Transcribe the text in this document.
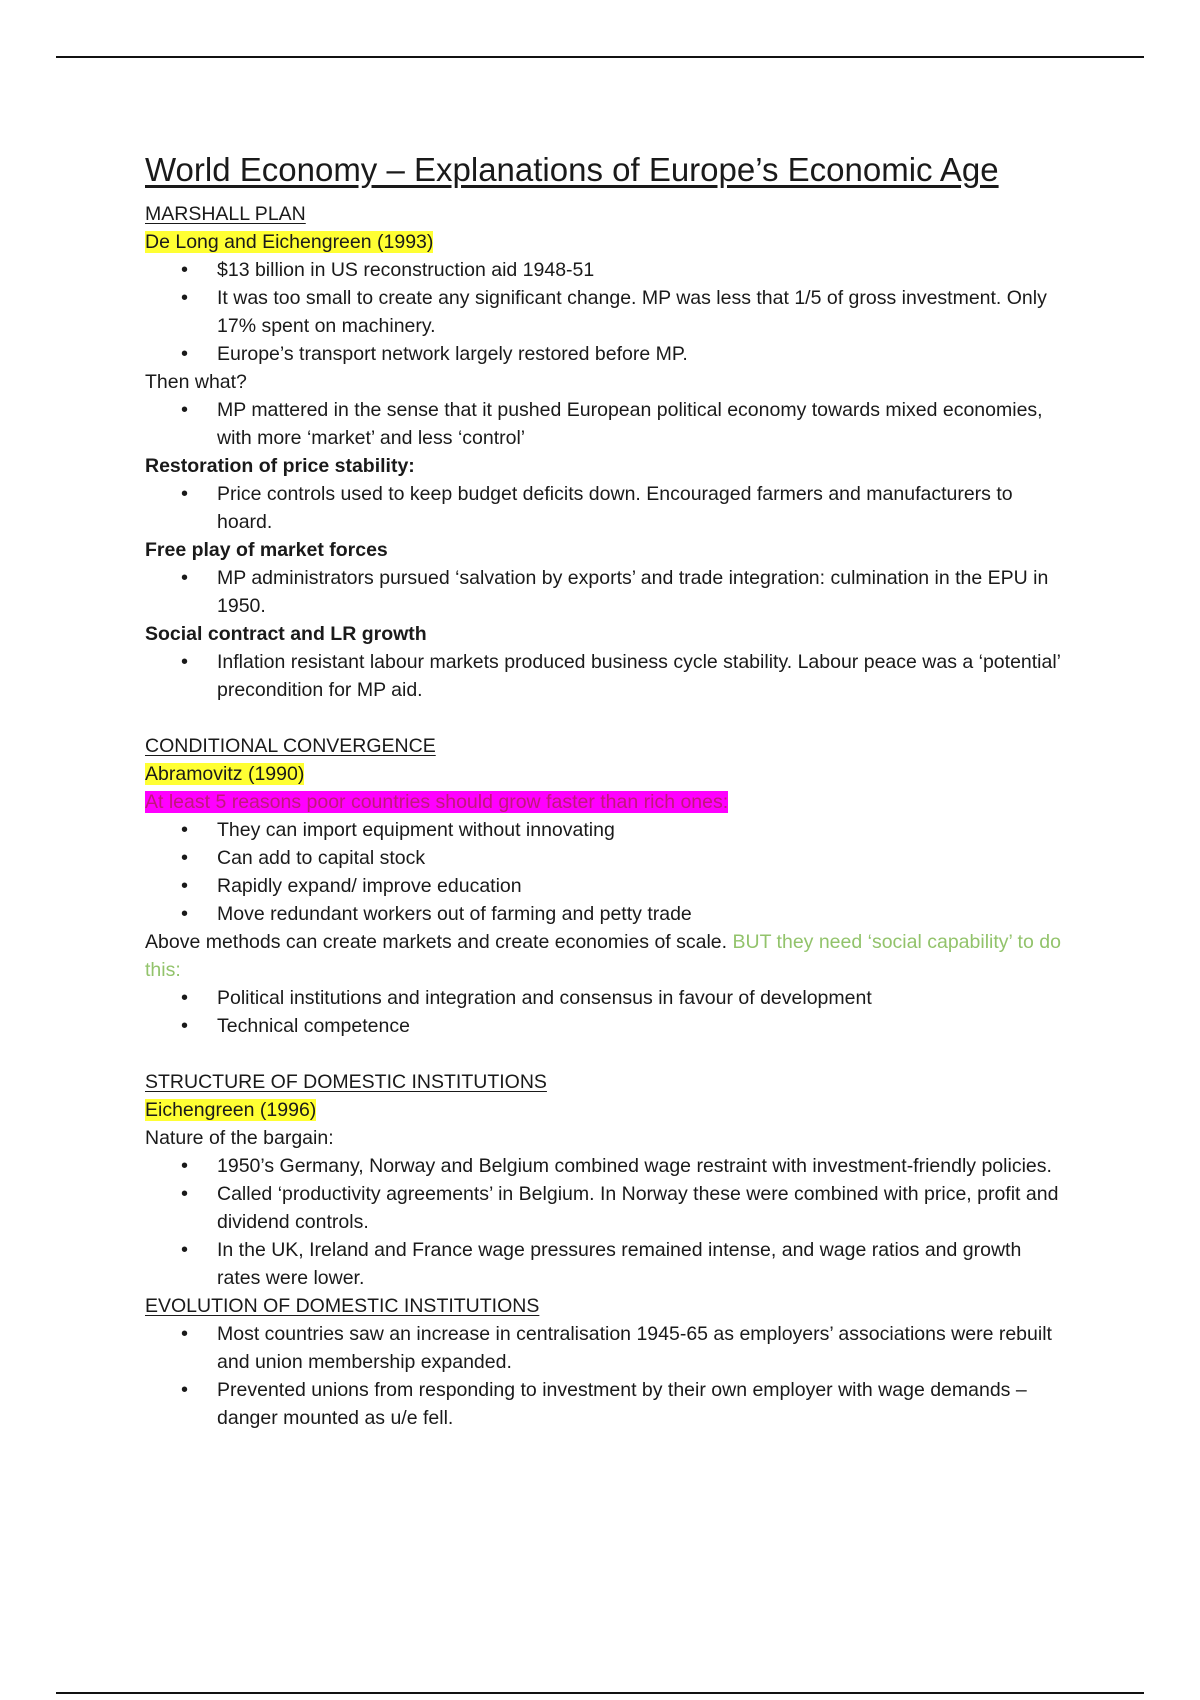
World Economy – Explanations of Europe’s Economic Age

MARSHALL PLAN

De Long and Eichengreen (1993)

• $13 billion in US reconstruction aid 1948-51
• It was too small to create any significant change. MP was less that 1/5 of gross investment. Only 17% spent on machinery.
• Europe’s transport network largely restored before MP.

Then what?

• MP mattered in the sense that it pushed European political economy towards mixed economies, with more ‘market’ and less ‘control’

Restoration of price stability:

• Price controls used to keep budget deficits down. Encouraged farmers and manufacturers to hoard.

Free play of market forces

• MP administrators pursued ‘salvation by exports’ and trade integration: culmination in the EPU in 1950.

Social contract and LR growth

• Inflation resistant labour markets produced business cycle stability. Labour peace was a ‘potential’ precondition for MP aid.

CONDITIONAL CONVERGENCE

Abramovitz (1990)

At least 5 reasons poor countries should grow faster than rich ones:

• They can import equipment without innovating
• Can add to capital stock
• Rapidly expand/ improve education
• Move redundant workers out of farming and petty trade

Above methods can create markets and create economies of scale. BUT they need ‘social capability’ to do this:

• Political institutions and integration and consensus in favour of development
• Technical competence

STRUCTURE OF DOMESTIC INSTITUTIONS

Eichengreen (1996)

Nature of the bargain:

• 1950’s Germany, Norway and Belgium combined wage restraint with investment-friendly policies.
• Called ‘productivity agreements’ in Belgium. In Norway these were combined with price, profit and dividend controls.
• In the UK, Ireland and France wage pressures remained intense, and wage ratios and growth rates were lower.

EVOLUTION OF DOMESTIC INSTITUTIONS

• Most countries saw an increase in centralisation 1945-65 as employers’ associations were rebuilt and union membership expanded.
• Prevented unions from responding to investment by their own employer with wage demands – danger mounted as u/e fell.
